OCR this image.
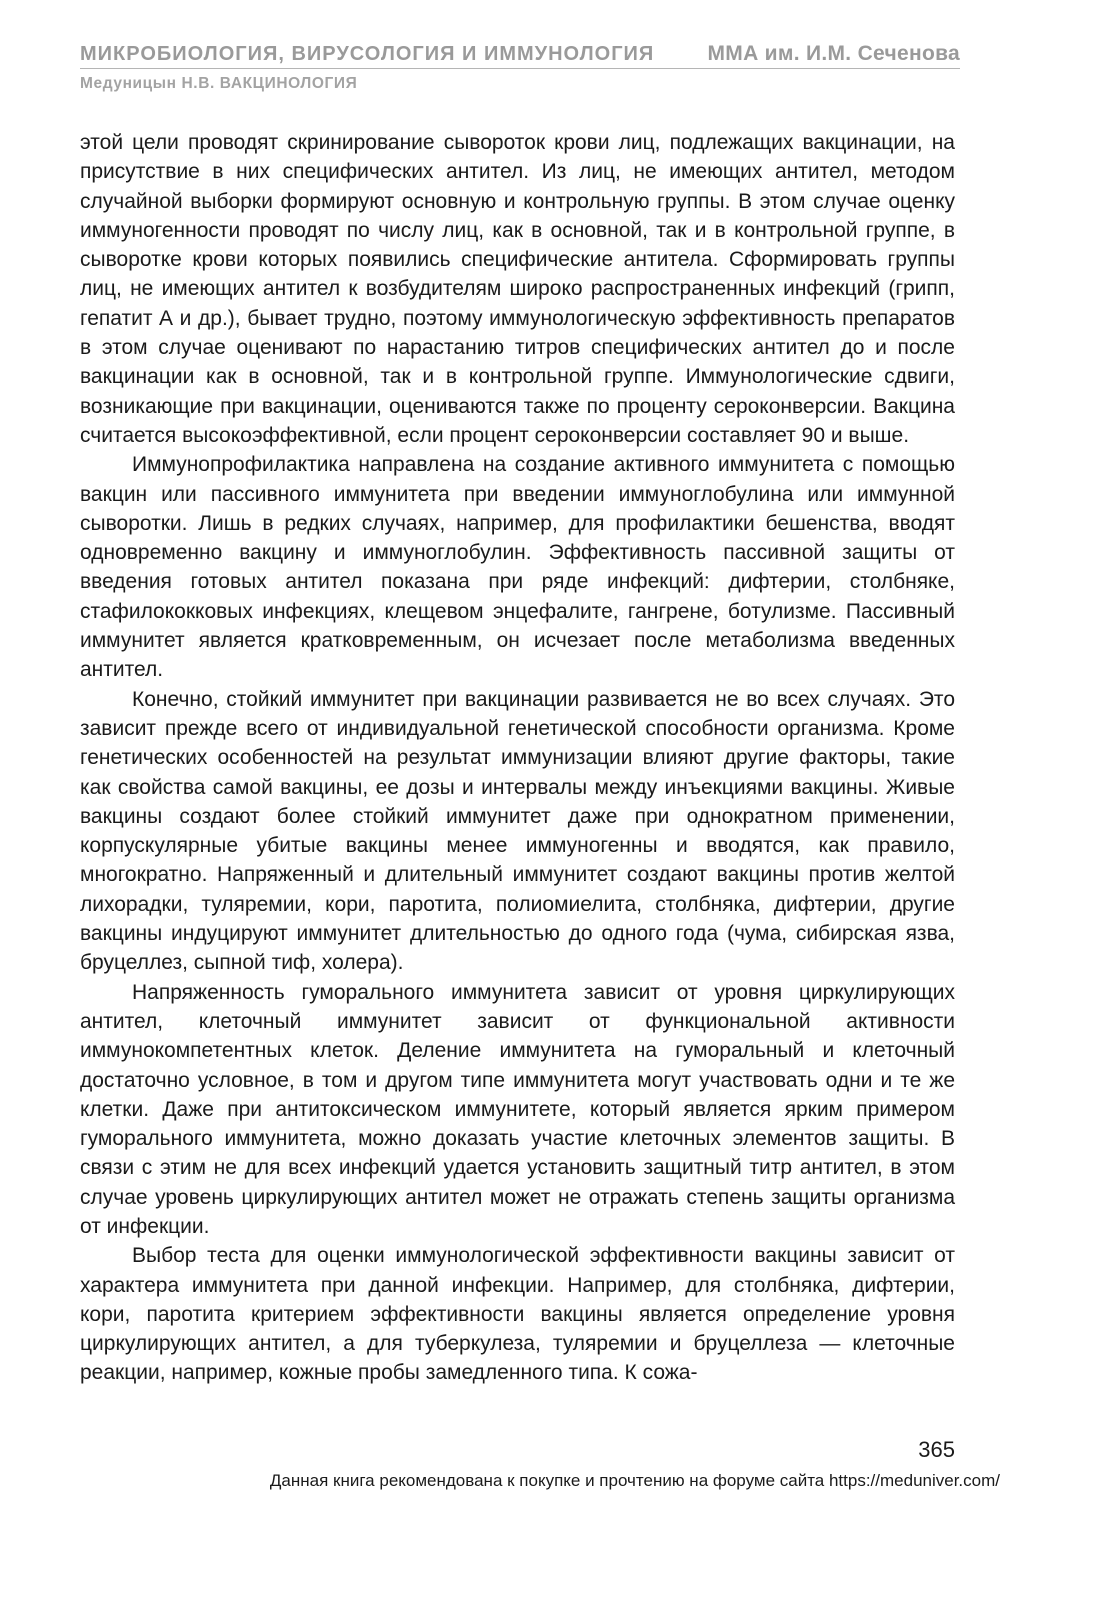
МИКРОБИОЛОГИЯ, ВИРУСОЛОГИЯ И ИММУНОЛОГИЯ	ММА им. И.М. Сеченова
Медуницын Н.В. ВАКЦИНОЛОГИЯ

этой цели проводят скринирование сывороток крови лиц, подлежащих вакцинации, на присутствие в них специфических антител. Из лиц, не имеющих антител, методом случайной выборки формируют основную и контрольную группы. В этом случае оценку иммуногенности проводят по числу лиц, как в основной, так и в контрольной группе, в сыворотке крови которых появились специфические антитела. Сформировать группы лиц, не имеющих антител к возбудителям широко распространенных инфекций (грипп, гепатит А и др.), бывает трудно, поэтому иммунологическую эффективность препаратов в этом случае оценивают по нарастанию титров специфических антител до и после вакцинации как в основной, так и в контрольной группе. Иммунологические сдвиги, возникающие при вакцинации, оцениваются также по проценту сероконверсии. Вакцина считается высокоэффективной, если процент сероконверсии составляет 90 и выше.

Иммунопрофилактика направлена на создание активного иммунитета с помощью вакцин или пассивного иммунитета при введении иммуноглобулина или иммунной сыворотки. Лишь в редких случаях, например, для профилактики бешенства, вводят одновременно вакцину и иммуноглобулин. Эффективность пассивной защиты от введения готовых антител показана при ряде инфекций: дифтерии, столбняке, стафилококковых инфекциях, клещевом энцефалите, гангрене, ботулизме. Пассивный иммунитет является кратковременным, он исчезает после метаболизма введенных антител.

Конечно, стойкий иммунитет при вакцинации развивается не во всех случаях. Это зависит прежде всего от индивидуальной генетической способности организма. Кроме генетических особенностей на результат иммунизации влияют другие факторы, такие как свойства самой вакцины, ее дозы и интервалы между инъекциями вакцины. Живые вакцины создают более стойкий иммунитет даже при однократном применении, корпускулярные убитые вакцины менее иммуногенны и вводятся, как правило, многократно. Напряженный и длительный иммунитет создают вакцины против желтой лихорадки, туляремии, кори, паротита, полиомиелита, столбняка, дифтерии, другие вакцины индуцируют иммунитет длительностью до одного года (чума, сибирская язва, бруцеллез, сыпной тиф, холера).

Напряженность гуморального иммунитета зависит от уровня циркулирующих антител, клеточный иммунитет зависит от функциональной активности иммунокомпетентных клеток. Деление иммунитета на гуморальный и клеточный достаточно условное, в том и другом типе иммунитета могут участвовать одни и те же клетки. Даже при антитоксическом иммунитете, который является ярким примером гуморального иммунитета, можно доказать участие клеточных элементов защиты. В связи с этим не для всех инфекций удается установить защитный титр антител, в этом случае уровень циркулирующих антител может не отражать степень защиты организма от инфекции.

Выбор теста для оценки иммунологической эффективности вакцины зависит от характера иммунитета при данной инфекции. Например, для столбняка, дифтерии, кори, паротита критерием эффективности вакцины является определение уровня циркулирующих антител, а для туберкулеза, туляремии и бруцеллеза — клеточные реакции, например, кожные пробы замедленного типа. К сожа-

365
Данная книга рекомендована к покупке и прочтению на форуме сайта https://meduniver.com/
